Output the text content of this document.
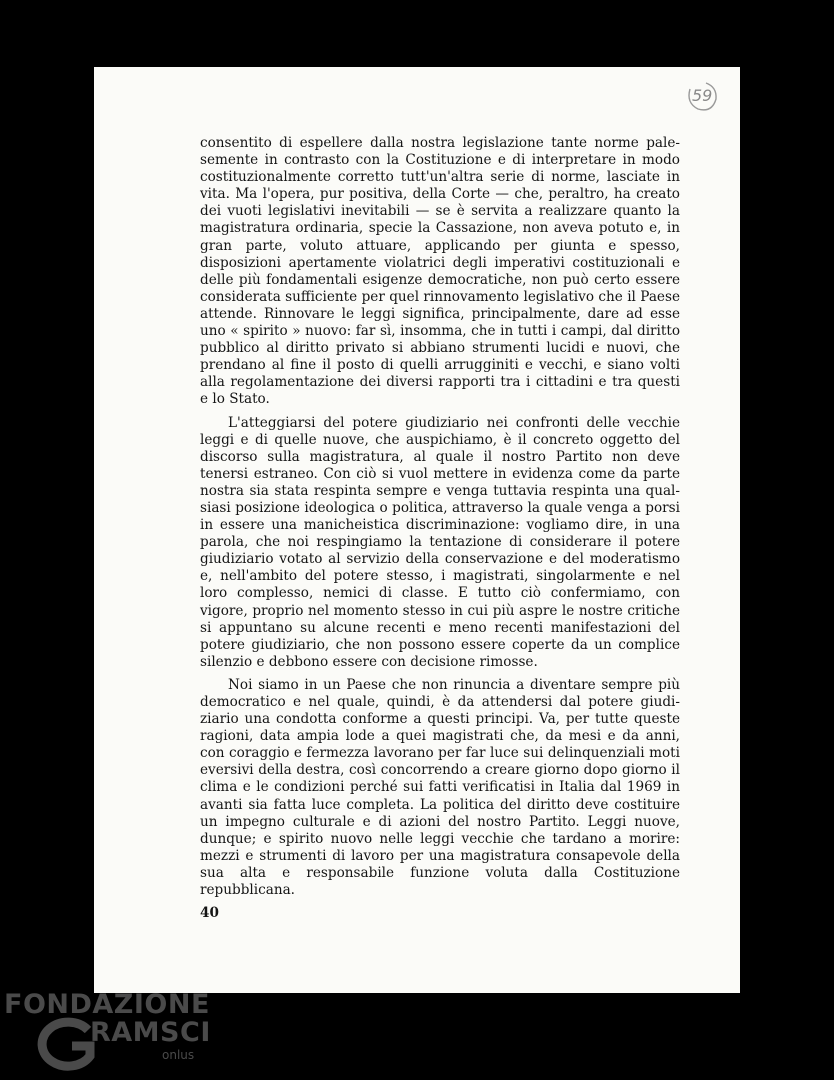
59

consentito di espellere dalla nostra legislazione tante norme palesemente in contrasto con la Costituzione e di interpretare in modo costituzionalmente corretto tutt'un'altra serie di norme, lasciate in vita. Ma l'opera, pur positiva, della Corte — che, peraltro, ha creato dei vuoti legislativi inevitabili — se è servita a realizzare quanto la magistratura ordinaria, specie la Cassazione, non aveva potuto e, in gran parte, voluto attuare, applicando per giunta e spesso, disposizioni apertamente violatrici degli imperativi costituzionali e delle più fondamentali esigenze democratiche, non può certo essere considerata sufficiente per quel rinnovamento legislativo che il Paese attende. Rinnovare le leggi significa, principalmente, dare ad esse uno « spirito » nuovo: far sì, insomma, che in tutti i campi, dal diritto pubblico al diritto privato si abbiano strumenti lucidi e nuovi, che prendano al fine il posto di quelli arrugginiti e vecchi, e siano volti alla regolamentazione dei diversi rapporti tra i cittadini e tra questi e lo Stato.

L'atteggiarsi del potere giudiziario nei confronti delle vecchie leggi e di quelle nuove, che auspichiamo, è il concreto oggetto del discorso sulla magistratura, al quale il nostro Partito non deve tenersi estraneo. Con ciò si vuol mettere in evidenza come da parte nostra sia stata respinta sempre e venga tuttavia respinta una qualsiasi posizione ideologica o politica, attraverso la quale venga a porsi in essere una manicheistica discriminazione: vogliamo dire, in una parola, che noi respingiamo la tentazione di considerare il potere giudiziario votato al servizio della conservazione e del moderatismo e, nell'ambito del potere stesso, i magistrati, singolarmente e nel loro complesso, nemici di classe. E tutto ciò confermiamo, con vigore, proprio nel momento stesso in cui più aspre le nostre critiche si appuntano su alcune recenti e meno recenti manifestazioni del potere giudiziario, che non possono essere coperte da un complice silenzio e debbono essere con decisione rimosse.

Noi siamo in un Paese che non rinuncia a diventare sempre più democratico e nel quale, quindi, è da attendersi dal potere giudiziario una condotta conforme a questi principi. Va, per tutte queste ragioni, data ampia lode a quei magistrati che, da mesi e da anni, con coraggio e fermezza lavorano per far luce sui delinquenziali moti eversivi della destra, così concorrendo a creare giorno dopo giorno il clima e le condizioni perché sui fatti verificatisi in Italia dal 1969 in avanti sia fatta luce completa. La politica del diritto deve costituire un impegno culturale e di azioni del nostro Partito. Leggi nuove, dunque; e spirito nuovo nelle leggi vecchie che tardano a morire: mezzi e strumenti di lavoro per una magistratura consapevole della sua alta e responsabile funzione voluta dalla Costituzione repubblicana.

40
FONDAZIONE
G
RAMSCI
onlus
